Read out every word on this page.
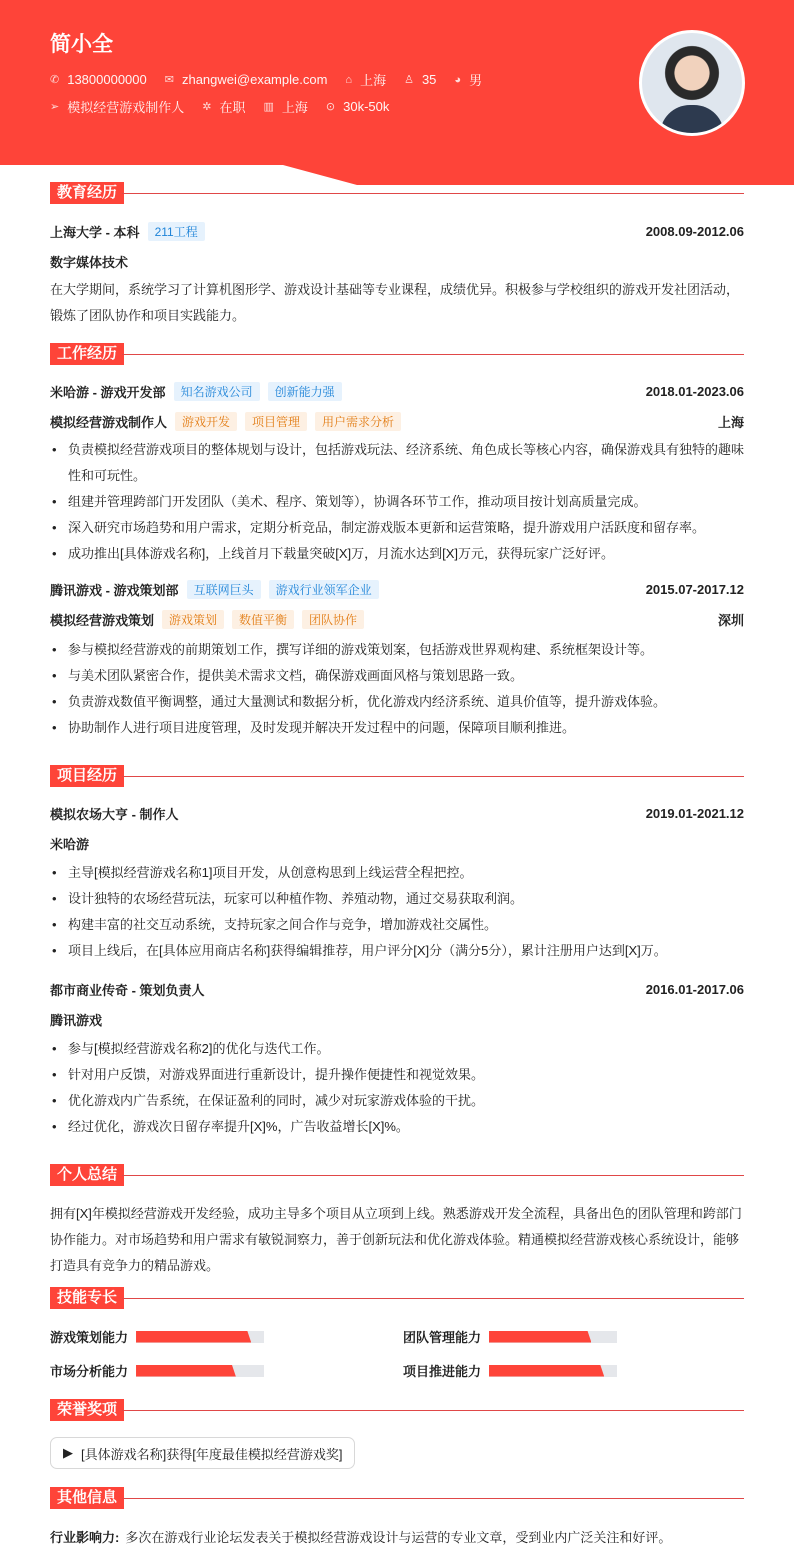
简小全
✆ 13800000000 ✉ zhangwei@example.com ⌂ 上海 ♙ 35 ◕ 男
➢ 模拟经营游戏制作人 ✲ 在职 ▥ 上海 ⊙ 30k-50k
教育经历
上海大学 - 本科	211工程	2008.09-2012.06
数字媒体技术
在大学期间，系统学习了计算机图形学、游戏设计基础等专业课程，成绩优异。积极参与学校组织的游戏开发社团活动，锻炼了团队协作和项目实践能力。
工作经历
米哈游 - 游戏开发部	知名游戏公司	创新能力强	2018.01-2023.06
模拟经营游戏制作人	游戏开发	项目管理	用户需求分析	上海
• 负责模拟经营游戏项目的整体规划与设计，包括游戏玩法、经济系统、角色成长等核心内容，确保游戏具有独特的趣味性和可玩性。
• 组建并管理跨部门开发团队（美术、程序、策划等），协调各环节工作，推动项目按计划高质量完成。
• 深入研究市场趋势和用户需求，定期分析竞品，制定游戏版本更新和运营策略，提升游戏用户活跃度和留存率。
• 成功推出[具体游戏名称]，上线首月下载量突破[X]万，月流水达到[X]万元，获得玩家广泛好评。
腾讯游戏 - 游戏策划部	互联网巨头	游戏行业领军企业	2015.07-2017.12
模拟经营游戏策划	游戏策划	数值平衡	团队协作	深圳
• 参与模拟经营游戏的前期策划工作，撰写详细的游戏策划案，包括游戏世界观构建、系统框架设计等。
• 与美术团队紧密合作，提供美术需求文档，确保游戏画面风格与策划思路一致。
• 负责游戏数值平衡调整，通过大量测试和数据分析，优化游戏内经济系统、道具价值等，提升游戏体验。
• 协助制作人进行项目进度管理，及时发现并解决开发过程中的问题，保障项目顺利推进。
项目经历
模拟农场大亨 - 制作人	2019.01-2021.12
米哈游
• 主导[模拟经营游戏名称1]项目开发，从创意构思到上线运营全程把控。
• 设计独特的农场经营玩法，玩家可以种植作物、养殖动物，通过交易获取利润。
• 构建丰富的社交互动系统，支持玩家之间合作与竞争，增加游戏社交属性。
• 项目上线后，在[具体应用商店名称]获得编辑推荐，用户评分[X]分（满分5分），累计注册用户达到[X]万。
都市商业传奇 - 策划负责人	2016.01-2017.06
腾讯游戏
• 参与[模拟经营游戏名称2]的优化与迭代工作。
• 针对用户反馈，对游戏界面进行重新设计，提升操作便捷性和视觉效果。
• 优化游戏内广告系统，在保证盈利的同时，减少对玩家游戏体验的干扰。
• 经过优化，游戏次日留存率提升[X]%，广告收益增长[X]%。
个人总结
拥有[X]年模拟经营游戏开发经验，成功主导多个项目从立项到上线。熟悉游戏开发全流程，具备出色的团队管理和跨部门协作能力。对市场趋势和用户需求有敏锐洞察力，善于创新玩法和优化游戏体验。精通模拟经营游戏核心系统设计，能够打造具有竞争力的精品游戏。
技能专长
游戏策划能力	团队管理能力
市场分析能力	项目推进能力
荣誉奖项
▶ [具体游戏名称]获得[年度最佳模拟经营游戏奖]
其他信息
行业影响力: 多次在游戏行业论坛发表关于模拟经营游戏设计与运营的专业文章，受到业内广泛关注和好评。
